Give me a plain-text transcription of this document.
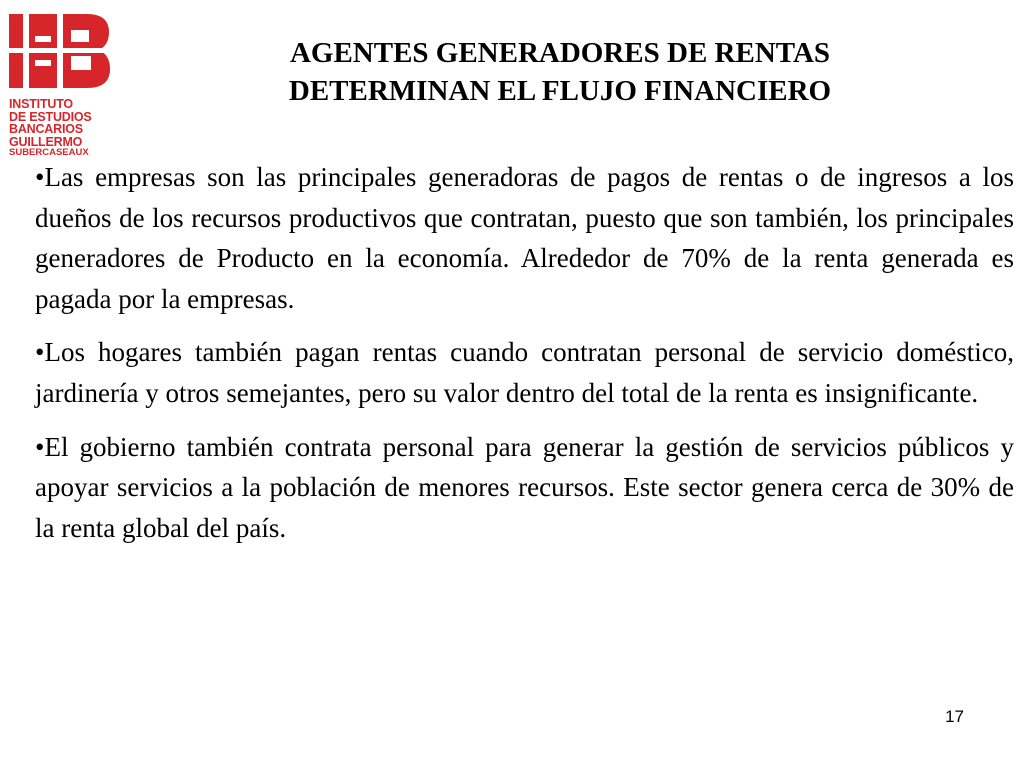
INSTITUTO
DE ESTUDIOS
BANCARIOS
GUILLERMO
SUBERCASEAUX
AGENTES GENERADORES DE RENTAS
DETERMINAN EL FLUJO FINANCIERO

•Las empresas son las principales generadoras de pagos de rentas o de ingresos a los dueños de los recursos productivos que contratan, puesto que son también, los principales generadores de Producto en la economía. Alrededor de 70% de la renta generada es pagada por la empresas.

•Los hogares también pagan rentas cuando contratan personal de servicio doméstico, jardinería y otros semejantes, pero su valor dentro del total de la renta es insignificante.

•El gobierno también contrata personal para generar la gestión de servicios públicos y apoyar servicios a la población de menores recursos. Este sector genera cerca de 30% de la renta global del país.

17
